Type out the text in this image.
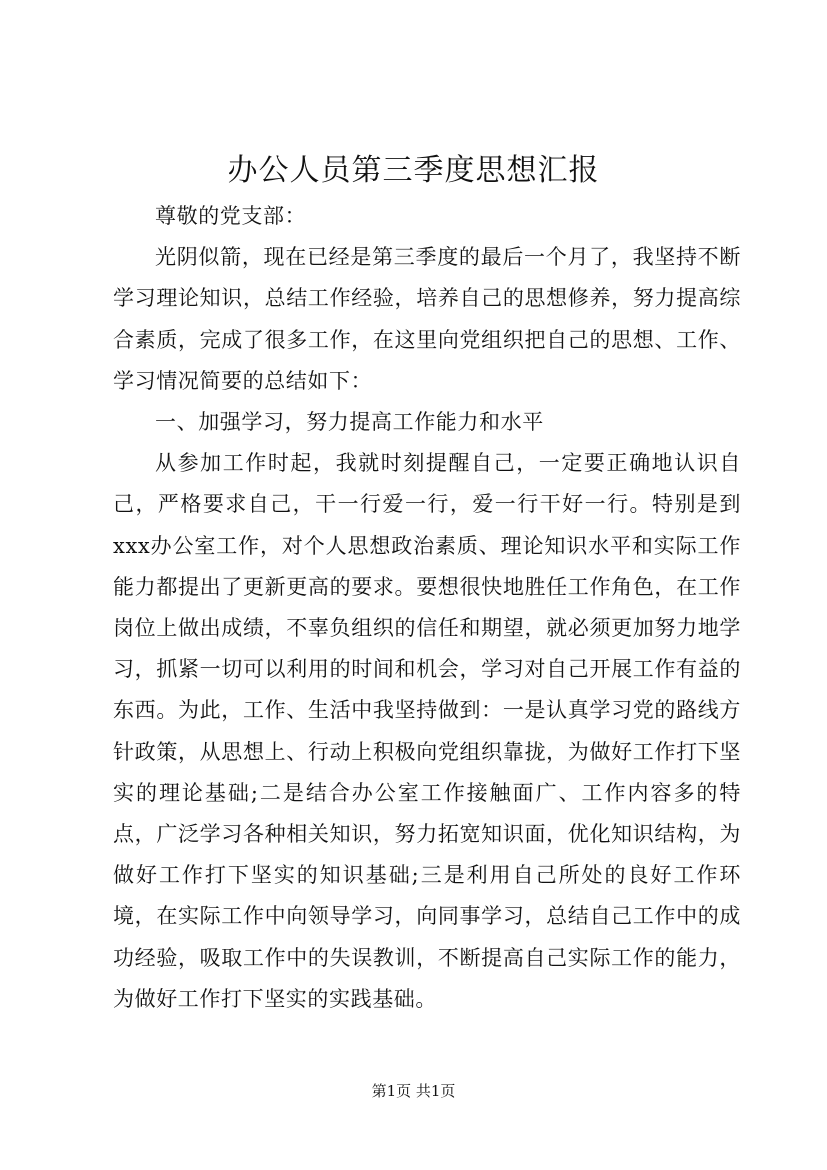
办公人员第三季度思想汇报

尊敬的党支部：

光阴似箭，现在已经是第三季度的最后一个月了，我坚持不断学习理论知识，总结工作经验，培养自己的思想修养，努力提高综合素质，完成了很多工作，在这里向党组织把自己的思想、工作、学习情况简要的总结如下：

一、加强学习，努力提高工作能力和水平

从参加工作时起，我就时刻提醒自己，一定要正确地认识自己，严格要求自己，干一行爱一行，爱一行干好一行。特别是到xxx办公室工作，对个人思想政治素质、理论知识水平和实际工作能力都提出了更新更高的要求。要想很快地胜任工作角色，在工作岗位上做出成绩，不辜负组织的信任和期望，就必须更加努力地学习，抓紧一切可以利用的时间和机会，学习对自己开展工作有益的东西。为此，工作、生活中我坚持做到：一是认真学习党的路线方针政策，从思想上、行动上积极向党组织靠拢，为做好工作打下坚实的理论基础;二是结合办公室工作接触面广、工作内容多的特点，广泛学习各种相关知识，努力拓宽知识面，优化知识结构，为做好工作打下坚实的知识基础;三是利用自己所处的良好工作环境，在实际工作中向领导学习，向同事学习，总结自己工作中的成功经验，吸取工作中的失误教训，不断提高自己实际工作的能力，为做好工作打下坚实的实践基础。

第1页 共1页
